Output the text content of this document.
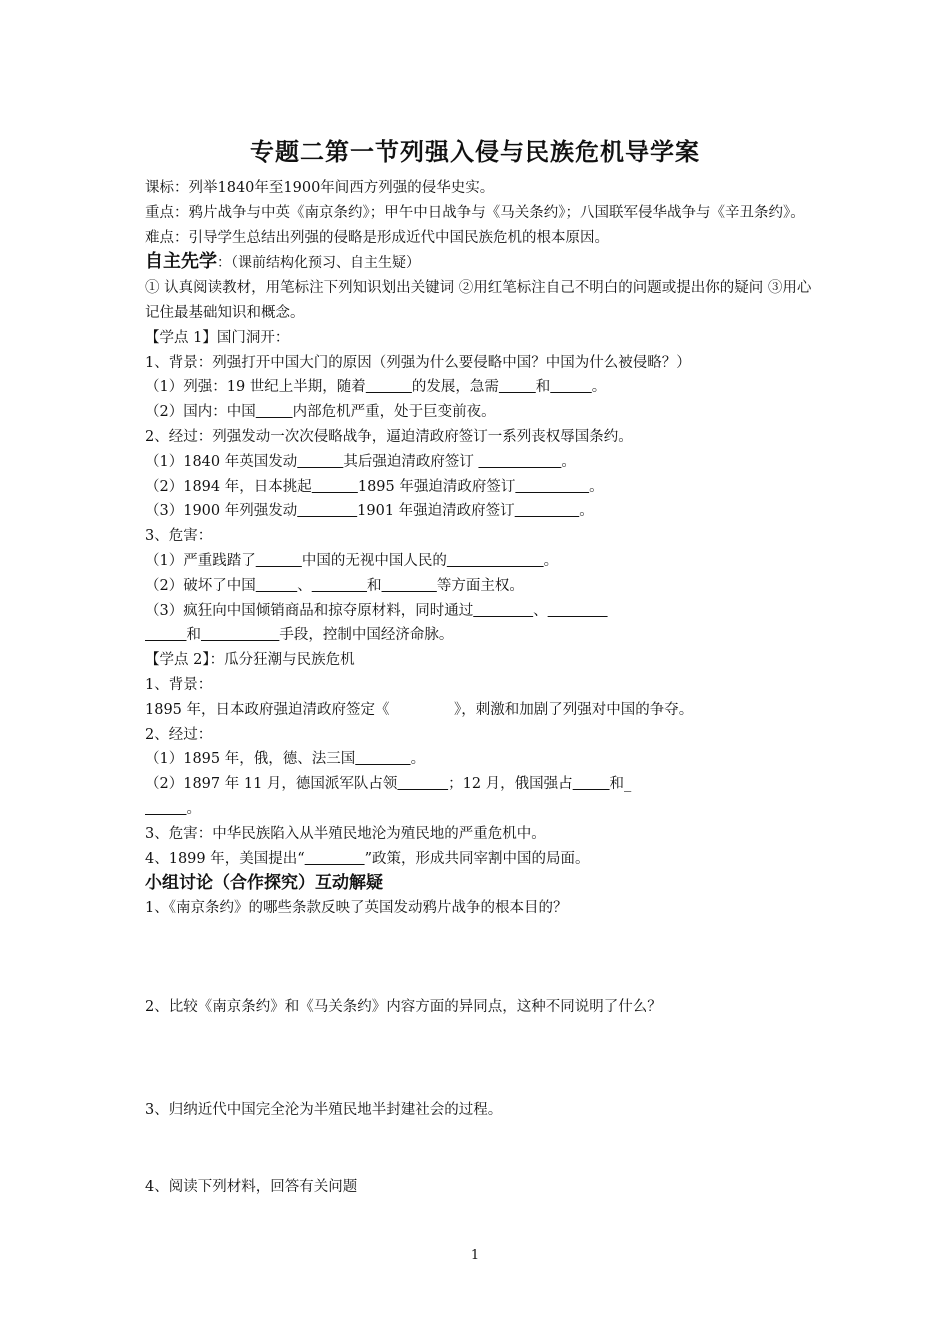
专题二第一节列强入侵与民族危机导学案
课标：列举1840年至1900年间西方列强的侵华史实。
重点：鸦片战争与中英《南京条约》；甲午中日战争与《马关条约》；八国联军侵华战争与《辛丑条约》。
难点：引导学生总结出列强的侵略是形成近代中国民族危机的根本原因。
自主先学：（课前结构化预习、自主生疑）
① 认真阅读教材，用笔标注下列知识划出关键词 ②用红笔标注自己不明白的问题或提出你的疑问 ③用心记住最基础知识和概念。
【学点 1】国门洞开：
1、背景：列强打开中国大门的原因（列强为什么要侵略中国？中国为什么被侵略？）
（1）列强：19 世纪上半期，随着	的发展，急需	和	。
（2）国内：中国	内部危机严重，处于巨变前夜。
2、经过：列强发动一次次侵略战争，逼迫清政府签订一系列丧权辱国条约。
（1）1840 年英国发动	其后强迫清政府签订	。
（2）1894 年，日本挑起	1895 年强迫清政府签订	。
（3）1900 年列强发动	1901 年强迫清政府签订	。
3、危害：
（1）严重践踏了	中国的无视中国人民的	。
（2）破坏了中国	、	和	等方面主权。
（3）疯狂向中国倾销商品和掠夺原材料，同时通过	、
和	手段，控制中国经济命脉。
【学点 2】：瓜分狂潮与民族危机
1、背景：
1895 年，日本政府强迫清政府签定《	》，刺激和加剧了列强对中国的争夺。
2、经过：
（1）1895 年，俄，德、法三国	。
（2）1897 年 11 月，德国派军队占领	；12 月，俄国强占	和_
。
3、危害：中华民族陷入从半殖民地沦为殖民地的严重危机中。
4、1899 年，美国提出“	”政策，形成共同宰割中国的局面。
小组讨论（合作探究）互动解疑
1、《南京条约》的哪些条款反映了英国发动鸦片战争的根本目的？
2、比较《南京条约》和《马关条约》内容方面的异同点，这种不同说明了什么？
3、归纳近代中国完全沦为半殖民地半封建社会的过程。
4、阅读下列材料，回答有关问题
1
